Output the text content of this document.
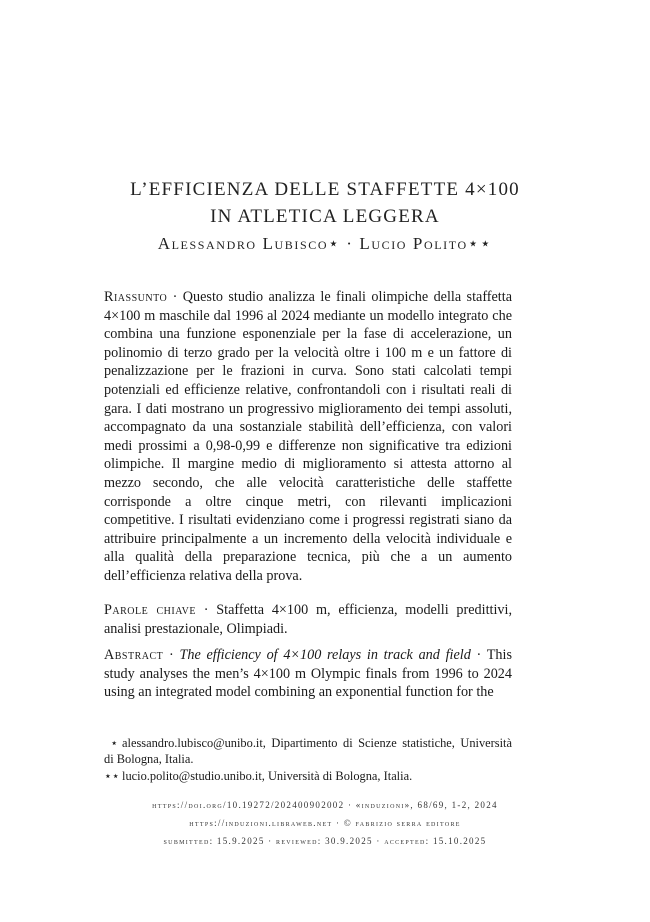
L’EFFICIENZA DELLE STAFFETTE 4×100
IN ATLETICA LEGGERA
Alessandro Lubisco⋆ · Lucio Polito⋆⋆
Riassunto · Questo studio analizza le finali olimpiche della staffetta 4×100 m maschile dal 1996 al 2024 mediante un modello integrato che combina una funzione esponenziale per la fase di accelerazione, un polinomio di terzo grado per la velocità oltre i 100 m e un fattore di penalizzazione per le frazioni in curva. Sono stati calcolati tempi potenziali ed efficienze relative, confrontandoli con i risultati reali di gara. I dati mostrano un progressivo miglioramento dei tempi assoluti, accompagnato da una sostanziale stabilità dell’efficienza, con valori medi prossimi a 0,98-0,99 e differenze non significative tra edizioni olimpiche. Il margine medio di miglioramento si attesta attorno al mezzo secondo, che alle velocità caratteristiche delle staffette corrisponde a oltre cinque metri, con rilevanti implicazioni competitive. I risultati evidenziano come i progressi registrati siano da attribuire principalmente a un incremento della velocità individuale e alla qualità della preparazione tecnica, più che a un aumento dell’efficienza relativa della prova.
Parole chiave · Staffetta 4×100 m, efficienza, modelli predittivi, analisi prestazionale, Olimpiadi.
Abstract · The efficiency of 4×100 relays in track and field · This study analyses the men’s 4×100 m Olympic finals from 1996 to 2024 using an integrated model combining an exponential function for the
⋆ alessandro.lubisco@unibo.it, Dipartimento di Scienze statistiche, Università di Bologna, Italia.
⋆⋆ lucio.polito@studio.unibo.it, Università di Bologna, Italia.
https://doi.org/10.19272/202400902002 · «induzioni», 68/69, 1-2, 2024
https://induzioni.libraweb.net · © fabrizio serra editore
submitted: 15.9.2025 · reviewed: 30.9.2025 · accepted: 15.10.2025
